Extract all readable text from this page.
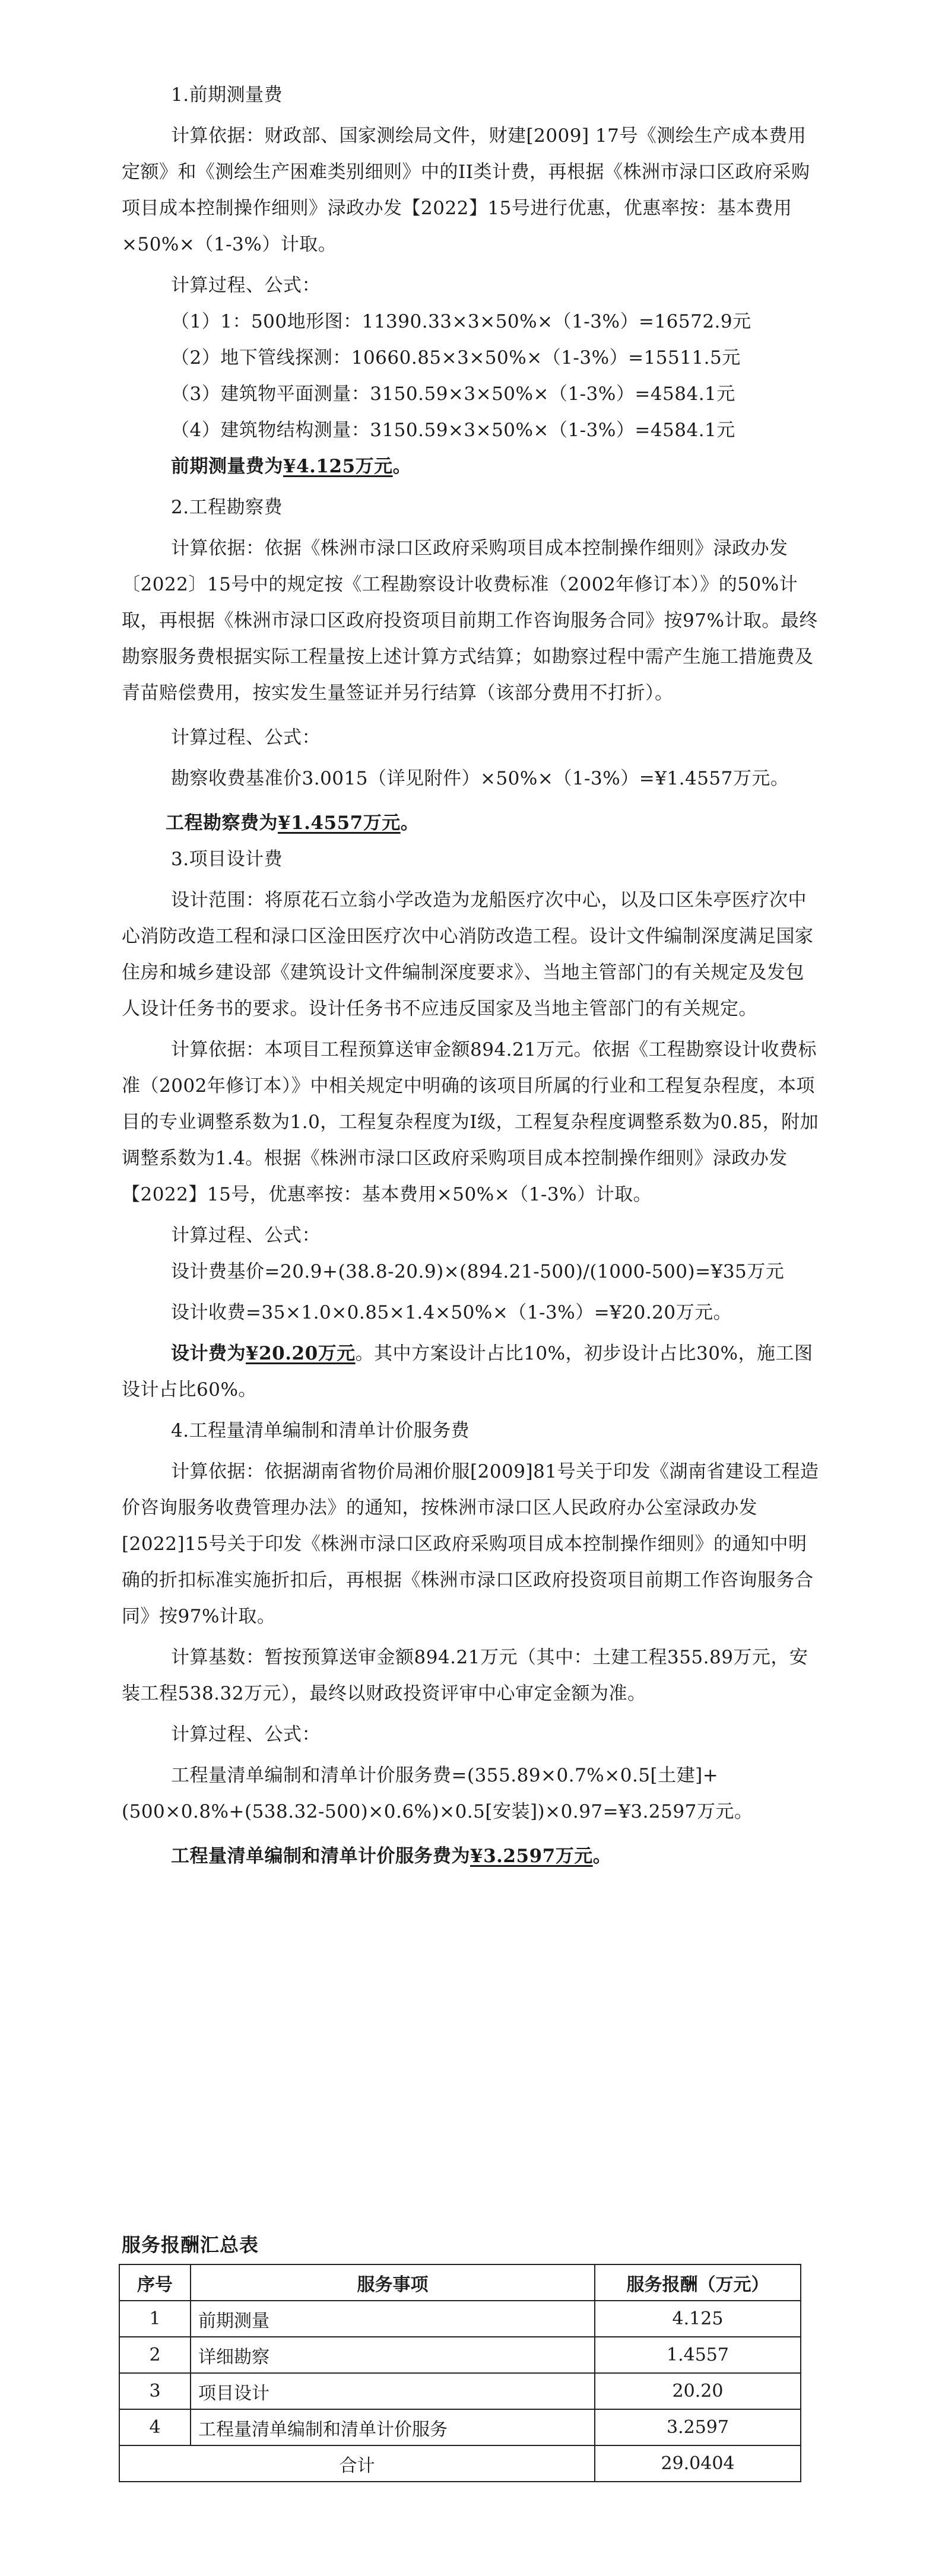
1.前期测量费

计算依据：财政部、国家测绘局文件，财建[2009] 17号《测绘生产成本费用定额》和《测绘生产困难类别细则》中的II类计费，再根据《株洲市渌口区政府采购项目成本控制操作细则》渌政办发【2022】15号进行优惠，优惠率按：基本费用×50%×（1-3%）计取。

计算过程、公式：

（1）1：500地形图：11390.33×3×50%×（1-3%）=16572.9元

（2）地下管线探测：10660.85×3×50%×（1-3%）=15511.5元

（3）建筑物平面测量：3150.59×3×50%×（1-3%）=4584.1元

（4）建筑物结构测量：3150.59×3×50%×（1-3%）=4584.1元

前期测量费为¥4.125万元。

2.工程勘察费

计算依据：依据《株洲市渌口区政府采购项目成本控制操作细则》渌政办发〔2022〕15号中的规定按《工程勘察设计收费标准（2002年修订本）》的50%计取，再根据《株洲市渌口区政府投资项目前期工作咨询服务合同》按97%计取。最终勘察服务费根据实际工程量按上述计算方式结算；如勘察过程中需产生施工措施费及青苗赔偿费用，按实发生量签证并另行结算（该部分费用不打折）。

计算过程、公式：

勘察收费基准价3.0015（详见附件）×50%×（1-3%）=¥1.4557万元。

工程勘察费为¥1.4557万元。

3.项目设计费

设计范围：将原花石立翁小学改造为龙船医疗次中心，以及口区朱亭医疗次中心消防改造工程和渌口区淦田医疗次中心消防改造工程。设计文件编制深度满足国家住房和城乡建设部《建筑设计文件编制深度要求》、当地主管部门的有关规定及发包人设计任务书的要求。设计任务书不应违反国家及当地主管部门的有关规定。

计算依据：本项目工程预算送审金额894.21万元。依据《工程勘察设计收费标准（2002年修订本）》中相关规定中明确的该项目所属的行业和工程复杂程度，本项目的专业调整系数为1.0，工程复杂程度为I级，工程复杂程度调整系数为0.85，附加调整系数为1.4。根据《株洲市渌口区政府采购项目成本控制操作细则》渌政办发【2022】15号，优惠率按：基本费用×50%×（1-3%）计取。

计算过程、公式：

设计费基价=20.9+(38.8-20.9)×(894.21-500)/(1000-500)=¥35万元

设计收费=35×1.0×0.85×1.4×50%×（1-3%）=¥20.20万元。

设计费为¥20.20万元。其中方案设计占比10%，初步设计占比30%，施工图设计占比60%。

4.工程量清单编制和清单计价服务费

计算依据：依据湖南省物价局湘价服[2009]81号关于印发《湖南省建设工程造价咨询服务收费管理办法》的通知，按株洲市渌口区人民政府办公室渌政办发[2022]15号关于印发《株洲市渌口区政府采购项目成本控制操作细则》的通知中明确的折扣标准实施折扣后，再根据《株洲市渌口区政府投资项目前期工作咨询服务合同》按97%计取。

计算基数：暂按预算送审金额894.21万元（其中：土建工程355.89万元，安装工程538.32万元），最终以财政投资评审中心审定金额为准。

计算过程、公式：

工程量清单编制和清单计价服务费=(355.89×0.7%×0.5[土建]+(500×0.8%+(538.32-500)×0.6%)×0.5[安装])×0.97=¥3.2597万元。

工程量清单编制和清单计价服务费为¥3.2597万元。

服务报酬汇总表
序号	服务事项	服务报酬（万元）
1	前期测量	4.125
2	详细勘察	1.4557
3	项目设计	20.20
4	工程量清单编制和清单计价服务	3.2597
合计		29.0404
